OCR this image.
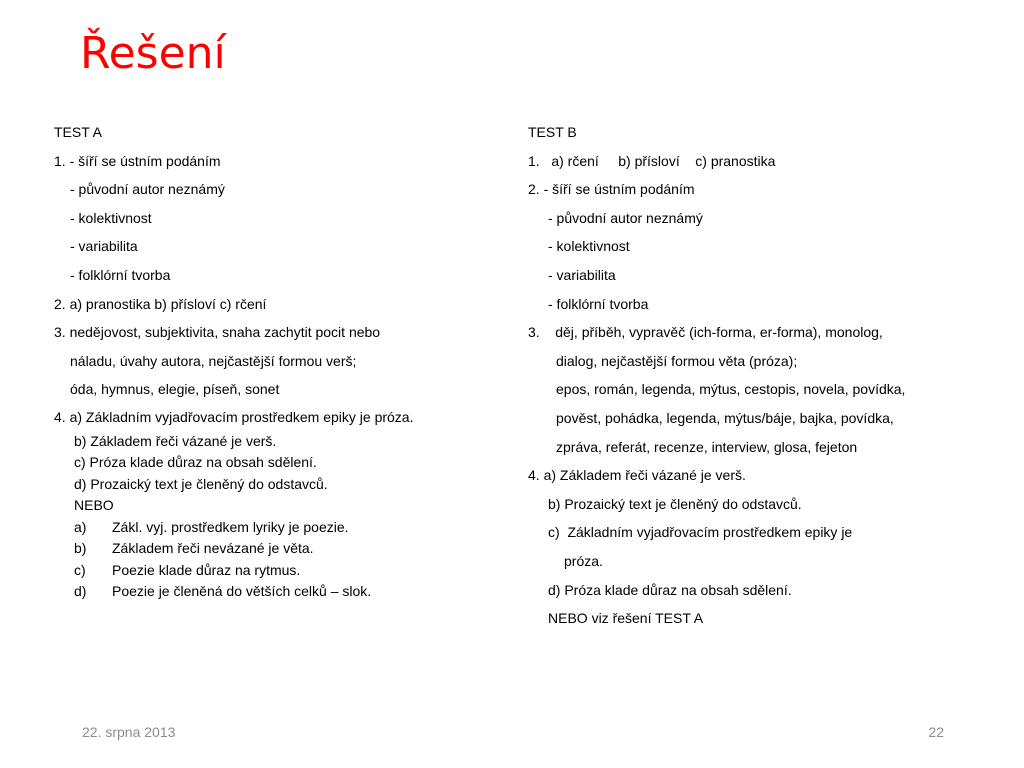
Řešení
TEST A
1. - šíří se ústním podáním
- původní autor neznámý
- kolektivnost
- variabilita
- folklórní tvorba
2. a) pranostika b) přísloví c) rčení
3. nedějovost, subjektivita, snaha zachytit pocit nebo
náladu, úvahy autora, nejčastější formou verš;
óda, hymnus, elegie, píseň, sonet
4. a) Základním vyjadřovacím prostředkem epiky je próza.
b) Základem řeči vázané je verš.
c) Próza klade důraz na obsah sdělení.
d) Prozaický text je členěný do odstavců.
NEBO
a)	Zákl. vyj. prostředkem lyriky je poezie.
b)	Základem řeči nevázané je věta.
c)	Poezie klade důraz na rytmus.
d)	Poezie je členěná do větších celků – slok.
TEST B
1.   a) rčení     b) přísloví    c) pranostika
2. - šíří se ústním podáním
- původní autor neznámý
- kolektivnost
- variabilita
- folklórní tvorba
3.    děj, příběh, vypravěč (ich-forma, er-forma), monolog,
dialog, nejčastější formou věta (próza);
epos, román, legenda, mýtus, cestopis, novela, povídka,
pověst, pohádka, legenda, mýtus/báje, bajka, povídka,
zpráva, referát, recenze, interview, glosa, fejeton
4. a) Základem řeči vázané je verš.
b) Prozaický text je členěný do odstavců.
c)  Základním vyjadřovacím prostředkem epiky je
próza.
d) Próza klade důraz na obsah sdělení.
NEBO viz řešení TEST A
22. srpna 2013	22
